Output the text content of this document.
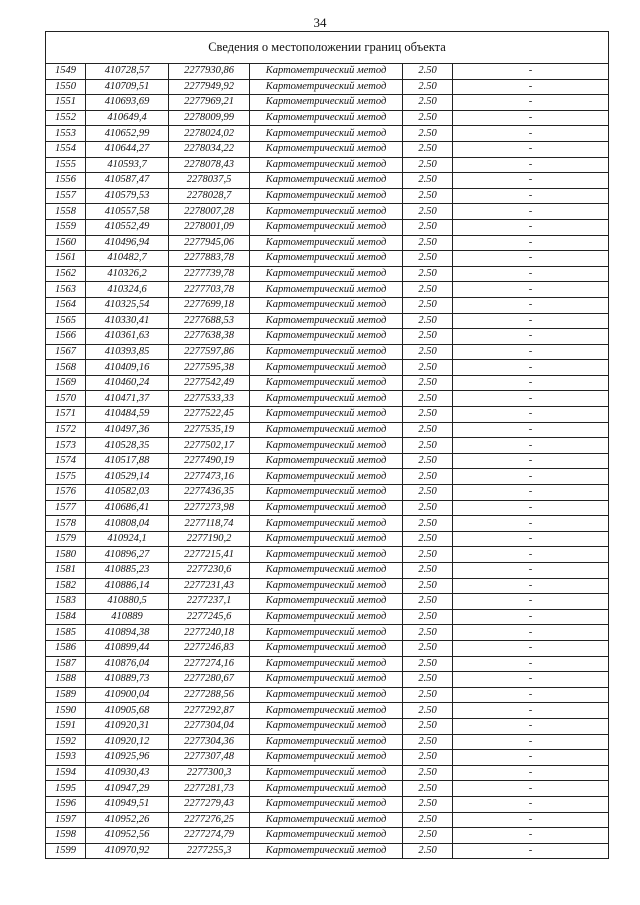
34
Сведения о местоположении границ объекта					
1549	410728,57	2277930,86	Картометрический метод	2.50	-
1550	410709,51	2277949,92	Картометрический метод	2.50	-
1551	410693,69	2277969,21	Картометрический метод	2.50	-
1552	410649,4	2278009,99	Картометрический метод	2.50	-
1553	410652,99	2278024,02	Картометрический метод	2.50	-
1554	410644,27	2278034,22	Картометрический метод	2.50	-
1555	410593,7	2278078,43	Картометрический метод	2.50	-
1556	410587,47	2278037,5	Картометрический метод	2.50	-
1557	410579,53	2278028,7	Картометрический метод	2.50	-
1558	410557,58	2278007,28	Картометрический метод	2.50	-
1559	410552,49	2278001,09	Картометрический метод	2.50	-
1560	410496,94	2277945,06	Картометрический метод	2.50	-
1561	410482,7	2277883,78	Картометрический метод	2.50	-
1562	410326,2	2277739,78	Картометрический метод	2.50	-
1563	410324,6	2277703,78	Картометрический метод	2.50	-
1564	410325,54	2277699,18	Картометрический метод	2.50	-
1565	410330,41	2277688,53	Картометрический метод	2.50	-
1566	410361,63	2277638,38	Картометрический метод	2.50	-
1567	410393,85	2277597,86	Картометрический метод	2.50	-
1568	410409,16	2277595,38	Картометрический метод	2.50	-
1569	410460,24	2277542,49	Картометрический метод	2.50	-
1570	410471,37	2277533,33	Картометрический метод	2.50	-
1571	410484,59	2277522,45	Картометрический метод	2.50	-
1572	410497,36	2277535,19	Картометрический метод	2.50	-
1573	410528,35	2277502,17	Картометрический метод	2.50	-
1574	410517,88	2277490,19	Картометрический метод	2.50	-
1575	410529,14	2277473,16	Картометрический метод	2.50	-
1576	410582,03	2277436,35	Картометрический метод	2.50	-
1577	410686,41	2277273,98	Картометрический метод	2.50	-
1578	410808,04	2277118,74	Картометрический метод	2.50	-
1579	410924,1	2277190,2	Картометрический метод	2.50	-
1580	410896,27	2277215,41	Картометрический метод	2.50	-
1581	410885,23	2277230,6	Картометрический метод	2.50	-
1582	410886,14	2277231,43	Картометрический метод	2.50	-
1583	410880,5	2277237,1	Картометрический метод	2.50	-
1584	410889	2277245,6	Картометрический метод	2.50	-
1585	410894,38	2277240,18	Картометрический метод	2.50	-
1586	410899,44	2277246,83	Картометрический метод	2.50	-
1587	410876,04	2277274,16	Картометрический метод	2.50	-
1588	410889,73	2277280,67	Картометрический метод	2.50	-
1589	410900,04	2277288,56	Картометрический метод	2.50	-
1590	410905,68	2277292,87	Картометрический метод	2.50	-
1591	410920,31	2277304,04	Картометрический метод	2.50	-
1592	410920,12	2277304,36	Картометрический метод	2.50	-
1593	410925,96	2277307,48	Картометрический метод	2.50	-
1594	410930,43	2277300,3	Картометрический метод	2.50	-
1595	410947,29	2277281,73	Картометрический метод	2.50	-
1596	410949,51	2277279,43	Картометрический метод	2.50	-
1597	410952,26	2277276,25	Картометрический метод	2.50	-
1598	410952,56	2277274,79	Картометрический метод	2.50	-
1599	410970,92	2277255,3	Картометрический метод	2.50	-
